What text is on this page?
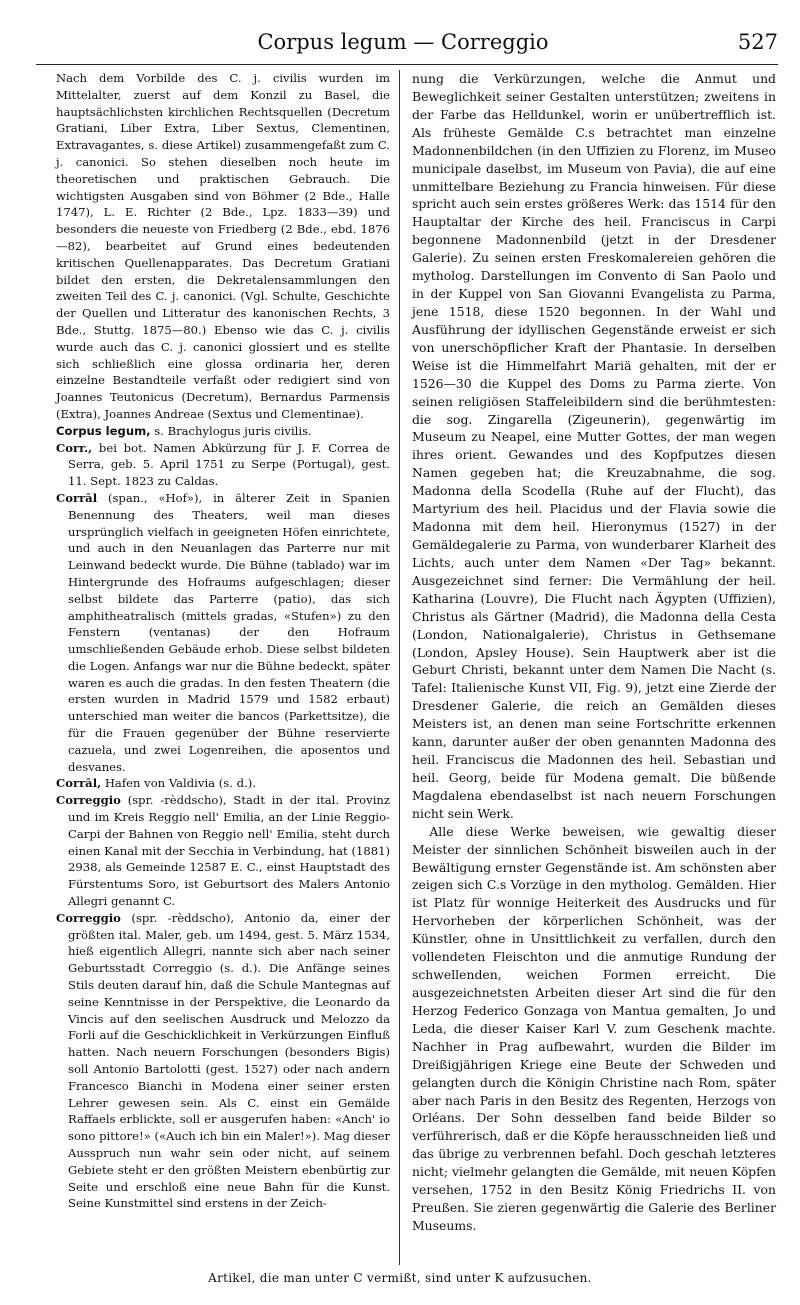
Corpus legum — Correggio	527

Nach dem Vorbilde des C. j. civilis wurden im Mittelalter, zuerst auf dem Konzil zu Basel, die hauptsächlichsten kirchlichen Rechtsquellen (Decretum Gratiani, Liber Extra, Liber Sextus, Clementinen, Extravagantes, s. diese Artikel) zusammengefaßt zum C. j. canonici. So stehen dieselben noch heute im theoretischen und praktischen Gebrauch. Die wichtigsten Ausgaben sind von Böhmer (2 Bde., Halle 1747), L. E. Richter (2 Bde., Lpz. 1833—39) und besonders die neueste von Friedberg (2 Bde., ebd. 1876—82), bearbeitet auf Grund eines bedeutenden kritischen Quellenapparates. Das Decretum Gratiani bildet den ersten, die Dekretalensammlungen den zweiten Teil des C. j. canonici. (Vgl. Schulte, Geschichte der Quellen und Litteratur des kanonischen Rechts, 3 Bde., Stuttg. 1875—80.) Ebenso wie das C. j. civilis wurde auch das C. j. canonici glossiert und es stellte sich schließlich eine glossa ordinaria her, deren einzelne Bestandteile verfaßt oder redigiert sind von Joannes Teutonicus (Decretum), Bernardus Parmensis (Extra), Joannes Andreae (Sextus und Clementinae).

Corpus legum, s. Brachylogus juris civilis.

Corr., bei bot. Namen Abkürzung für J. F. Correa de Serra, geb. 5. April 1751 zu Serpe (Portugal), gest. 11. Sept. 1823 zu Caldas.

Corrāl (span., «Hof»), in älterer Zeit in Spanien Benennung des Theaters, weil man dieses ursprünglich vielfach in geeigneten Höfen einrichtete, und auch in den Neuanlagen das Parterre nur mit Leinwand bedeckt wurde. Die Bühne (tablado) war im Hintergrunde des Hofraums aufgeschlagen; dieser selbst bildete das Parterre (patio), das sich amphitheatralisch (mittels gradas, «Stufen») zu den Fenstern (ventanas) der den Hofraum umschließenden Gebäude erhob. Diese selbst bildeten die Logen. Anfangs war nur die Bühne bedeckt, später waren es auch die gradas. In den festen Theatern (die ersten wurden in Madrid 1579 und 1582 erbaut) unterschied man weiter die bancos (Parkettsitze), die für die Frauen gegenüber der Bühne reservierte cazuela, und zwei Logenreihen, die aposentos und desvanes.

Corrāl, Hafen von Valdivia (s. d.).

Correggio (spr. -rèddscho), Stadt in der ital. Provinz und im Kreis Reggio nell' Emilia, an der Linie Reggio-Carpi der Bahnen von Reggio nell' Emilia, steht durch einen Kanal mit der Secchia in Verbindung, hat (1881) 2938, als Gemeinde 12587 E. C., einst Hauptstadt des Fürstentums Soro, ist Geburtsort des Malers Antonio Allegri genannt C.

Correggio (spr. -rèddscho), Antonio da, einer der größten ital. Maler, geb. um 1494, gest. 5. März 1534, hieß eigentlich Allegri, nannte sich aber nach seiner Geburtsstadt Correggio (s. d.). Die Anfänge seines Stils deuten darauf hin, daß die Schule Mantegnas auf seine Kenntnisse in der Perspektive, die Leonardo da Vincis auf den seelischen Ausdruck und Melozzo da Forli auf die Geschicklichkeit in Verkürzungen Einfluß hatten. Nach neuern Forschungen (besonders Bigis) soll Antonio Bartolotti (gest. 1527) oder nach andern Francesco Bianchi in Modena einer seiner ersten Lehrer gewesen sein. Als C. einst ein Gemälde Raffaels erblickte, soll er ausgerufen haben: «Anch' io sono pittore!» («Auch ich bin ein Maler!»). Mag dieser Ausspruch nun wahr sein oder nicht, auf seinem Gebiete steht er den größten Meistern ebenbürtig zur Seite und erschloß eine neue Bahn für die Kunst. Seine Kunstmittel sind erstens in der Zeich-

nung die Verkürzungen, welche die Anmut und Beweglichkeit seiner Gestalten unterstützen; zweitens in der Farbe das Helldunkel, worin er unübertrefflich ist. Als früheste Gemälde C.s betrachtet man einzelne Madonnenbildchen (in den Uffizien zu Florenz, im Museo municipale daselbst, im Museum von Pavia), die auf eine unmittelbare Beziehung zu Francia hinweisen. Für diese spricht auch sein erstes größeres Werk: das 1514 für den Hauptaltar der Kirche des heil. Franciscus in Carpi begonnene Madonnenbild (jetzt in der Dresdener Galerie). Zu seinen ersten Freskomalereien gehören die mytholog. Darstellungen im Convento di San Paolo und in der Kuppel von San Giovanni Evangelista zu Parma, jene 1518, diese 1520 begonnen. In der Wahl und Ausführung der idyllischen Gegenstände erweist er sich von unerschöpflicher Kraft der Phantasie. In derselben Weise ist die Himmelfahrt Mariä gehalten, mit der er 1526—30 die Kuppel des Doms zu Parma zierte. Von seinen religiösen Staffeleibildern sind die berühmtesten: die sog. Zingarella (Zigeunerin), gegenwärtig im Museum zu Neapel, eine Mutter Gottes, der man wegen ihres orient. Gewandes und des Kopfputzes diesen Namen gegeben hat; die Kreuzabnahme, die sog. Madonna della Scodella (Ruhe auf der Flucht), das Martyrium des heil. Placidus und der Flavia sowie die Madonna mit dem heil. Hieronymus (1527) in der Gemäldegalerie zu Parma, von wunderbarer Klarheit des Lichts, auch unter dem Namen «Der Tag» bekannt. Ausgezeichnet sind ferner: Die Vermählung der heil. Katharina (Louvre), Die Flucht nach Ägypten (Uffizien), Christus als Gärtner (Madrid), die Madonna della Cesta (London, Nationalgalerie), Christus in Gethsemane (London, Apsley House). Sein Hauptwerk aber ist die Geburt Christi, bekannt unter dem Namen Die Nacht (s. Tafel: Italienische Kunst VII, Fig. 9), jetzt eine Zierde der Dresdener Galerie, die reich an Gemälden dieses Meisters ist, an denen man seine Fortschritte erkennen kann, darunter außer der oben genannten Madonna des heil. Franciscus die Madonnen des heil. Sebastian und heil. Georg, beide für Modena gemalt. Die büßende Magdalena ebendaselbst ist nach neuern Forschungen nicht sein Werk.

Alle diese Werke beweisen, wie gewaltig dieser Meister der sinnlichen Schönheit bisweilen auch in der Bewältigung ernster Gegenstände ist. Am schönsten aber zeigen sich C.s Vorzüge in den mytholog. Gemälden. Hier ist Platz für wonnige Heiterkeit des Ausdrucks und für Hervorheben der körperlichen Schönheit, was der Künstler, ohne in Unsittlichkeit zu verfallen, durch den vollendeten Fleischton und die anmutige Rundung der schwellenden, weichen Formen erreicht. Die ausgezeichnetsten Arbeiten dieser Art sind die für den Herzog Federico Gonzaga von Mantua gemalten, Jo und Leda, die dieser Kaiser Karl V. zum Geschenk machte. Nachher in Prag aufbewahrt, wurden die Bilder im Dreißigjährigen Kriege eine Beute der Schweden und gelangten durch die Königin Christine nach Rom, später aber nach Paris in den Besitz des Regenten, Herzogs von Orléans. Der Sohn desselben fand beide Bilder so verführerisch, daß er die Köpfe herausschneiden ließ und das übrige zu verbrennen befahl. Doch geschah letzteres nicht; vielmehr gelangten die Gemälde, mit neuen Köpfen versehen, 1752 in den Besitz König Friedrichs II. von Preußen. Sie zieren gegenwärtig die Galerie des Berliner Museums.

Artikel, die man unter C vermißt, sind unter K aufzusuchen.
